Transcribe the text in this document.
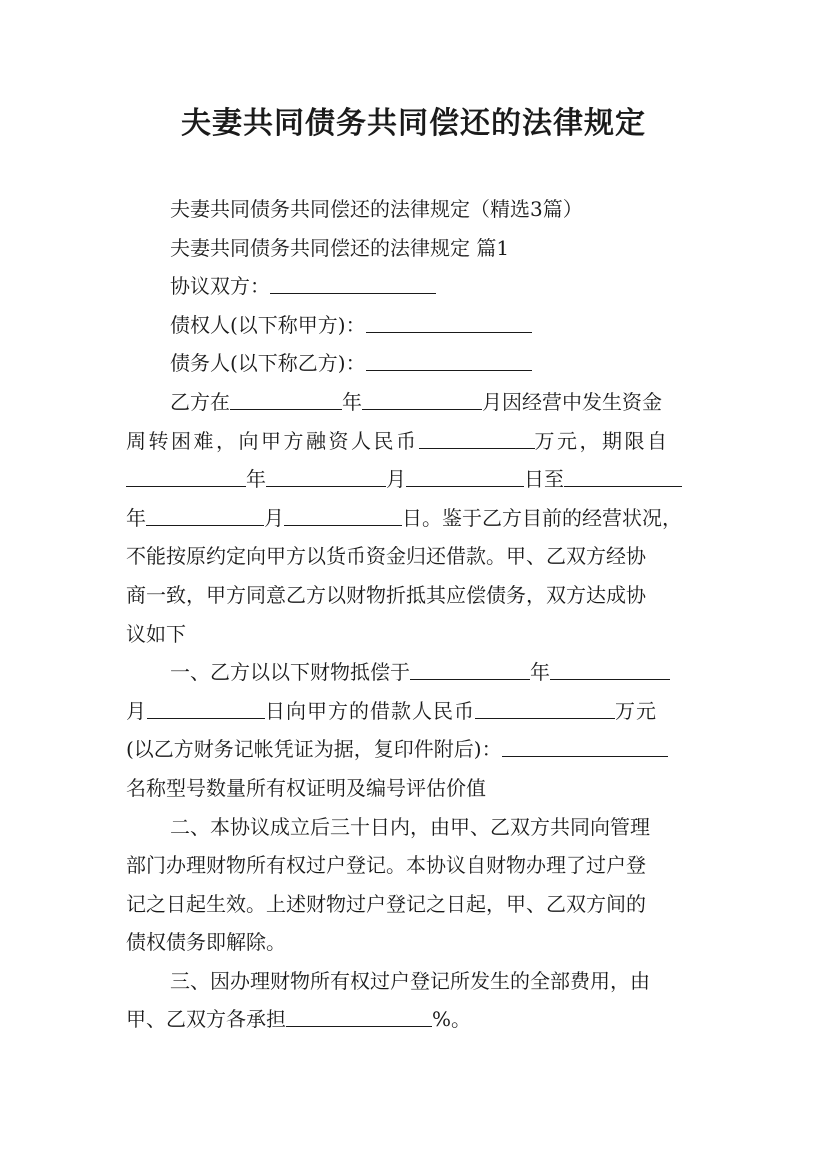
夫妻共同债务共同偿还的法律规定

夫妻共同债务共同偿还的法律规定（精选3篇）

夫妻共同债务共同偿还的法律规定 篇1

协议双方：

债权人(以下称甲方)：

债务人(以下称乙方)：

乙方在	年	月因经营中发生资金

周转困难，向甲方融资人民币	万元，期限自

年	月	日至

年	月	日。鉴于乙方目前的经营状况，

不能按原约定向甲方以货币资金归还借款。甲、乙双方经协

商一致，甲方同意乙方以财物折抵其应偿债务，双方达成协

议如下

一、乙方以以下财物抵偿于	年

月	日向甲方的借款人民币	万元

(以乙方财务记帐凭证为据，复印件附后)：

名称型号数量所有权证明及编号评估价值

二、本协议成立后三十日内，由甲、乙双方共同向管理

部门办理财物所有权过户登记。本协议自财物办理了过户登

记之日起生效。上述财物过户登记之日起，甲、乙双方间的

债权债务即解除。

三、因办理财物所有权过户登记所发生的全部费用，由

甲、乙双方各承担	%。
